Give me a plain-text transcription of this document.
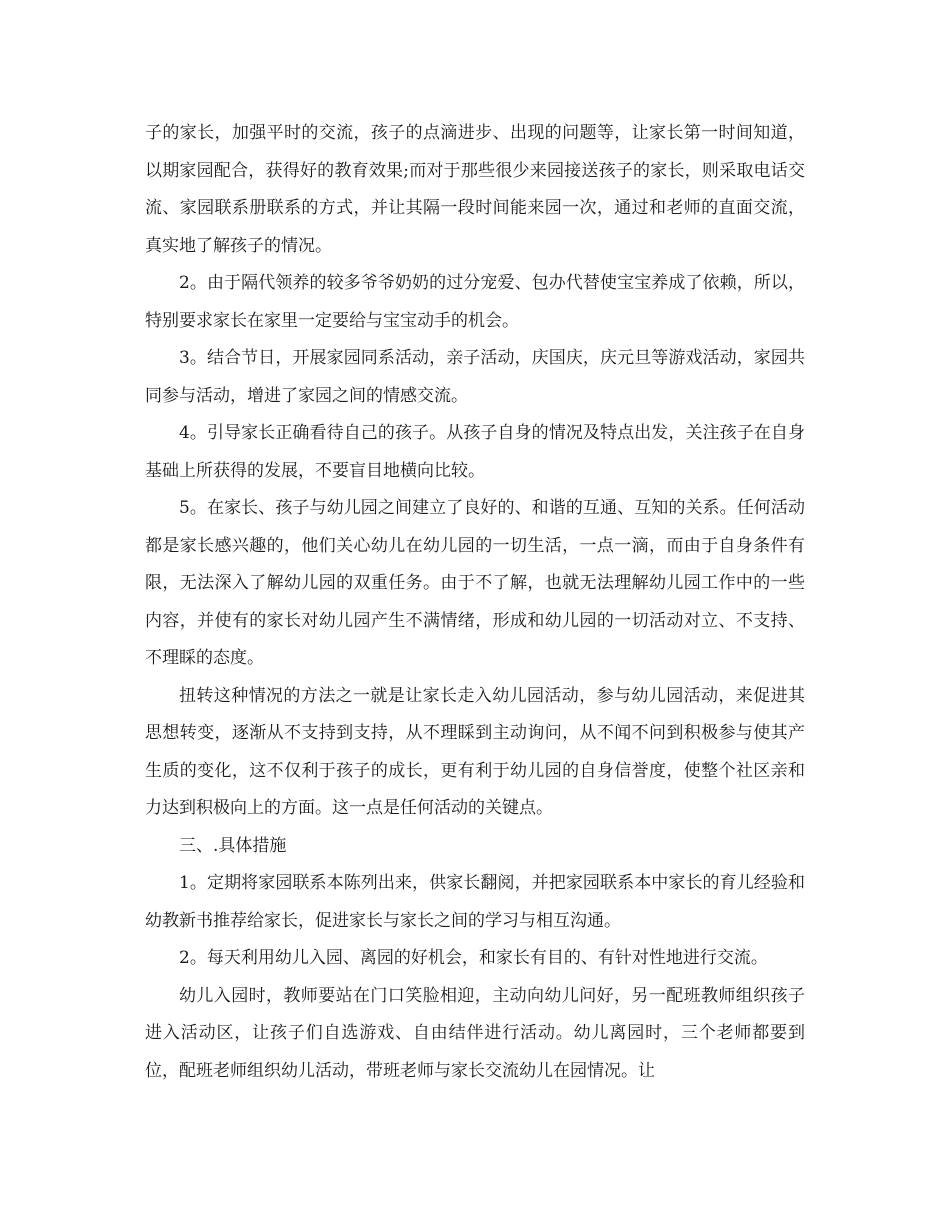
子的家长，加强平时的交流，孩子的点滴进步、出现的问题等，让家长第一时间知道，以期家园配合，获得好的教育效果;而对于那些很少来园接送孩子的家长，则采取电话交流、家园联系册联系的方式，并让其隔一段时间能来园一次，通过和老师的直面交流，真实地了解孩子的情况。

2。由于隔代领养的较多爷爷奶奶的过分宠爱、包办代替使宝宝养成了依赖，所以，特别要求家长在家里一定要给与宝宝动手的机会。

3。结合节日，开展家园同系活动，亲子活动，庆国庆，庆元旦等游戏活动，家园共同参与活动，增进了家园之间的情感交流。

4。引导家长正确看待自己的孩子。从孩子自身的情况及特点出发，关注孩子在自身基础上所获得的发展，不要盲目地横向比较。

5。在家长、孩子与幼儿园之间建立了良好的、和谐的互通、互知的关系。任何活动都是家长感兴趣的，他们关心幼儿在幼儿园的一切生活，一点一滴，而由于自身条件有限，无法深入了解幼儿园的双重任务。由于不了解，也就无法理解幼儿园工作中的一些内容，并使有的家长对幼儿园产生不满情绪，形成和幼儿园的一切活动对立、不支持、不理睬的态度。

扭转这种情况的方法之一就是让家长走入幼儿园活动，参与幼儿园活动，来促进其思想转变，逐渐从不支持到支持，从不理睬到主动询问，从不闻不问到积极参与使其产生质的变化，这不仅利于孩子的成长，更有利于幼儿园的自身信誉度，使整个社区亲和力达到积极向上的方面。这一点是任何活动的关键点。

三、.具体措施

1。定期将家园联系本陈列出来，供家长翻阅，并把家园联系本中家长的育儿经验和幼教新书推荐给家长，促进家长与家长之间的学习与相互沟通。

2。每天利用幼儿入园、离园的好机会，和家长有目的、有针对性地进行交流。

幼儿入园时，教师要站在门口笑脸相迎，主动向幼儿问好，另一配班教师组织孩子进入活动区，让孩子们自选游戏、自由结伴进行活动。幼儿离园时，三个老师都要到位，配班老师组织幼儿活动，带班老师与家长交流幼儿在园情况。让
